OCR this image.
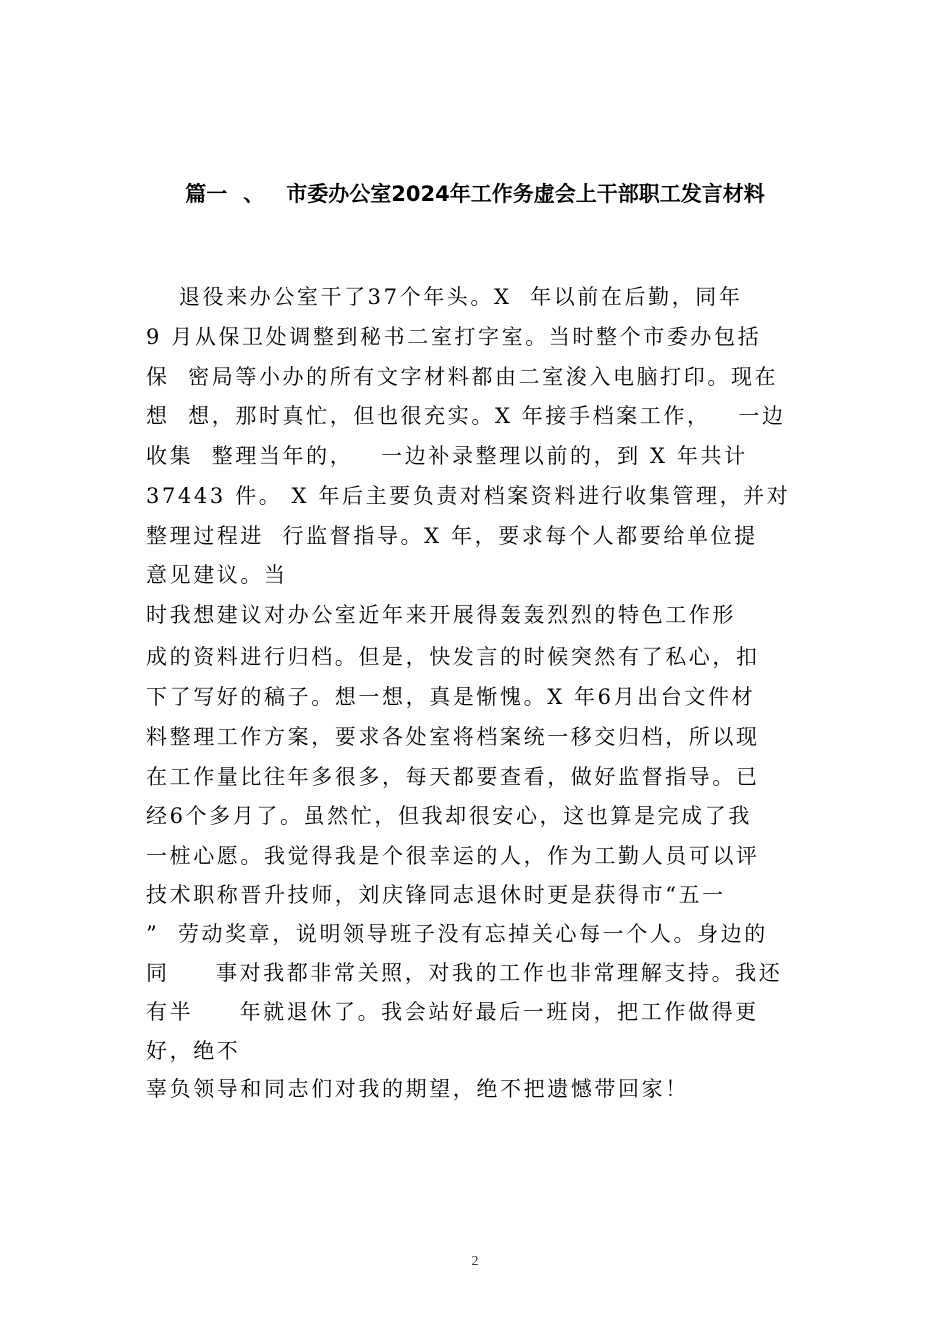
篇一 、 市委办公室2024年工作务虚会上干部职工发言材料
　 退役来办公室干了37个年头。X  年以前在后勤，同年
9 月从保卫处调整到秘书二室打字室。当时整个市委办包括
保  密局等小办的所有文字材料都由二室浚入电脑打印。现在
想  想，那时真忙，但也很充实。X 年接手档案工作，   一边
收集  整理当年的，   一边补录整理以前的，到 X 年共计
37443 件。 X 年后主要负责对档案资料进行收集管理，并对
整理过程进  行监督指导。X 年，要求每个人都要给单位提
意见建议。当
时我想建议对办公室近年来开展得轰轰烈烈的特色工作形
成的资料进行归档。但是，快发言的时候突然有了私心，扣
下了写好的稿子。想一想，真是惭愧。X 年6月出台文件材
料整理工作方案，要求各处室将档案统一移交归档，所以现
在工作量比往年多很多，每天都要查看，做好监督指导。已
经6个多月了。虽然忙，但我却很安心，这也算是完成了我
一桩心愿。我觉得我是个很幸运的人，作为工勤人员可以评
技术职称晋升技师，刘庆锋同志退休时更是获得市“五一
”  劳动奖章，说明领导班子没有忘掉关心每一个人。身边的
同     事对我都非常关照，对我的工作也非常理解支持。我还
有半     年就退休了。我会站好最后一班岗，把工作做得更
好，绝不
辜负领导和同志们对我的期望，绝不把遗憾带回家！
2
